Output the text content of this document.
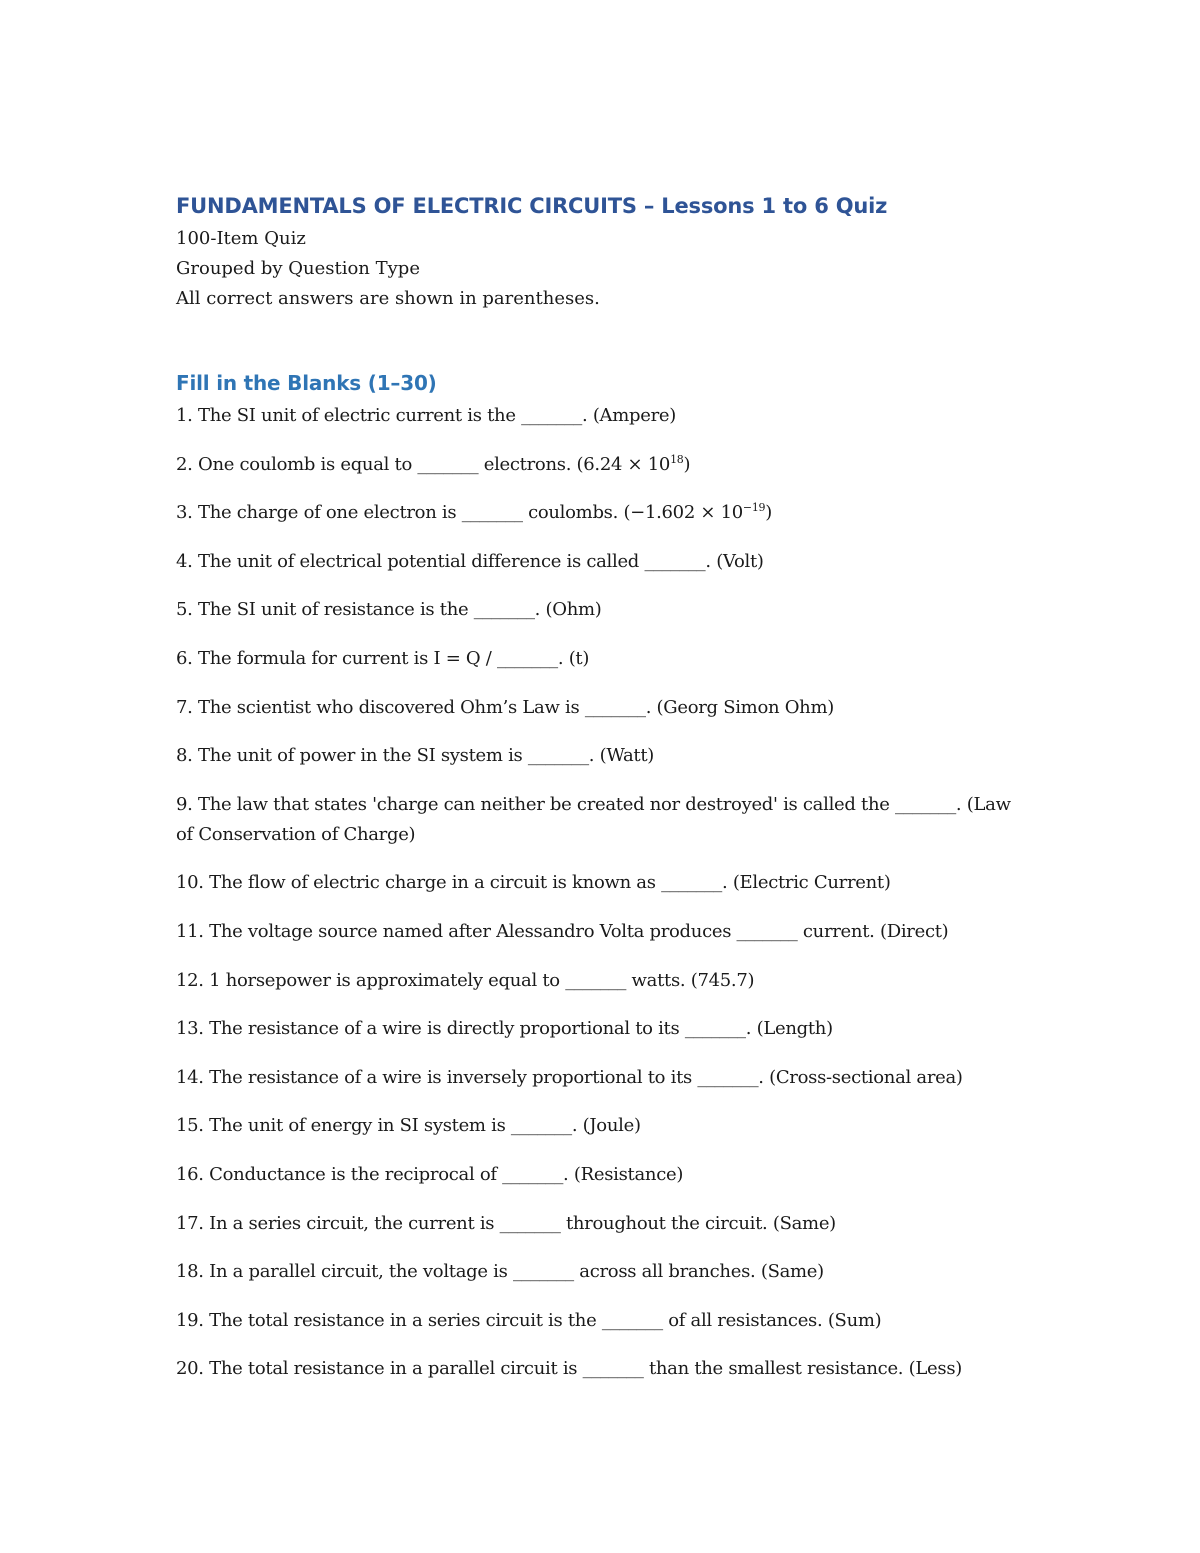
FUNDAMENTALS OF ELECTRIC CIRCUITS – Lessons 1 to 6 Quiz

100-Item Quiz

Grouped by Question Type

All correct answers are shown in parentheses.

Fill in the Blanks (1–30)
1. The SI unit of electric current is the _______. (Ampere)
2. One coulomb is equal to _______ electrons. $(6.24 \times 10^{18})$
3. The charge of one electron is _______ coulombs. $(-1.602 \times 10^{-19})$
4. The unit of electrical potential difference is called _______. (Volt)
5. The SI unit of resistance is the _______. (Ohm)
6. The formula for current is I = Q / _______. (t)
7. The scientist who discovered Ohm’s Law is _______. (Georg Simon Ohm)
8. The unit of power in the SI system is _______. (Watt)
9. The law that states 'charge can neither be created nor destroyed' is called the _______. (Law of Conservation of Charge)
10. The flow of electric charge in a circuit is known as _______. (Electric Current)
11. The voltage source named after Alessandro Volta produces _______ current. (Direct)
12. 1 horsepower is approximately equal to _______ watts. (745.7)
13. The resistance of a wire is directly proportional to its _______. (Length)
14. The resistance of a wire is inversely proportional to its _______. (Cross-sectional area)
15. The unit of energy in SI system is _______. (Joule)
16. Conductance is the reciprocal of _______. (Resistance)
17. In a series circuit, the current is _______ throughout the circuit. (Same)
18. In a parallel circuit, the voltage is _______ across all branches. (Same)
19. The total resistance in a series circuit is the _______ of all resistances. (Sum)
20. The total resistance in a parallel circuit is _______ than the smallest resistance. (Less)
